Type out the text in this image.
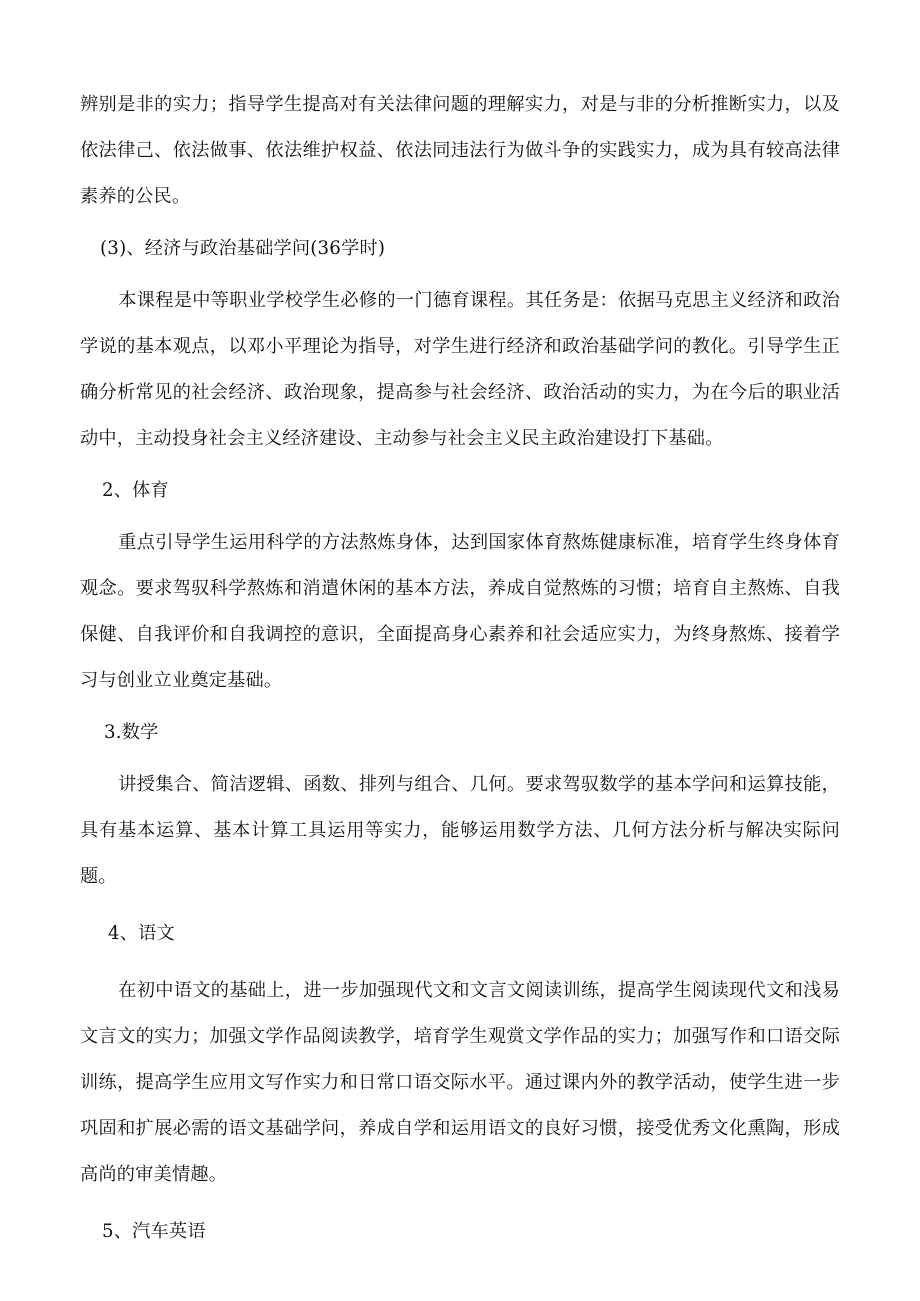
辨别是非的实力；指导学生提高对有关法律问题的理解实力，对是与非的分析推断实力，以及依法律己、依法做事、依法维护权益、依法同违法行为做斗争的实践实力，成为具有较高法律素养的公民。

(3)、经济与政治基础学问(36学时)

本课程是中等职业学校学生必修的一门德育课程。其任务是：依据马克思主义经济和政治学说的基本观点，以邓小平理论为指导，对学生进行经济和政治基础学问的教化。引导学生正确分析常见的社会经济、政治现象，提高参与社会经济、政治活动的实力，为在今后的职业活动中，主动投身社会主义经济建设、主动参与社会主义民主政治建设打下基础。

2、体育

重点引导学生运用科学的方法熬炼身体，达到国家体育熬炼健康标准，培育学生终身体育观念。要求驾驭科学熬炼和消遣休闲的基本方法，养成自觉熬炼的习惯；培育自主熬炼、自我保健、自我评价和自我调控的意识，全面提高身心素养和社会适应实力，为终身熬炼、接着学习与创业立业奠定基础。

3.数学

讲授集合、简洁逻辑、函数、排列与组合、几何。要求驾驭数学的基本学问和运算技能，具有基本运算、基本计算工具运用等实力，能够运用数学方法、几何方法分析与解决实际问题。

4、语文

在初中语文的基础上，进一步加强现代文和文言文阅读训练，提高学生阅读现代文和浅易文言文的实力；加强文学作品阅读教学，培育学生观赏文学作品的实力；加强写作和口语交际训练，提高学生应用文写作实力和日常口语交际水平。通过课内外的教学活动，使学生进一步巩固和扩展必需的语文基础学问，养成自学和运用语文的良好习惯，接受优秀文化熏陶，形成高尚的审美情趣。

5、汽车英语
